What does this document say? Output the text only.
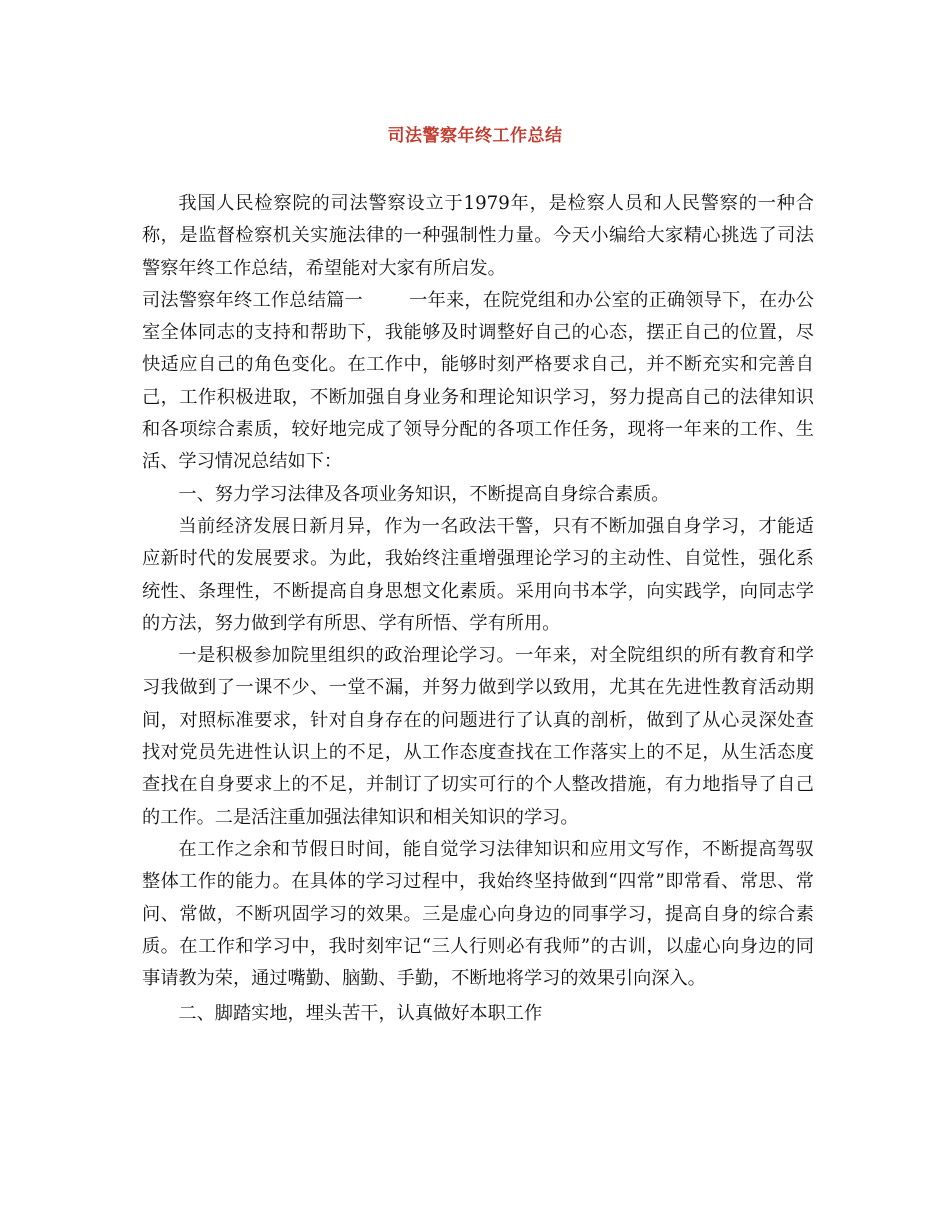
司法警察年终工作总结

我国人民检察院的司法警察设立于1979年，是检察人员和人民警察的一种合称，是监督检察机关实施法律的一种强制性力量。今天小编给大家精心挑选了司法警察年终工作总结，希望能对大家有所启发。

司法警察年终工作总结篇一	一年来，在院党组和办公室的正确领导下，在办公室全体同志的支持和帮助下，我能够及时调整好自己的心态，摆正自己的位置，尽快适应自己的角色变化。在工作中，能够时刻严格要求自己，并不断充实和完善自己，工作积极进取，不断加强自身业务和理论知识学习，努力提高自己的法律知识和各项综合素质，较好地完成了领导分配的各项工作任务，现将一年来的工作、生活、学习情况总结如下：

一、努力学习法律及各项业务知识，不断提高自身综合素质。

当前经济发展日新月异，作为一名政法干警，只有不断加强自身学习，才能适应新时代的发展要求。为此，我始终注重增强理论学习的主动性、自觉性，强化系统性、条理性，不断提高自身思想文化素质。采用向书本学，向实践学，向同志学的方法，努力做到学有所思、学有所悟、学有所用。

一是积极参加院里组织的政治理论学习。一年来，对全院组织的所有教育和学习我做到了一课不少、一堂不漏，并努力做到学以致用，尤其在先进性教育活动期间，对照标准要求，针对自身存在的问题进行了认真的剖析，做到了从心灵深处查找对党员先进性认识上的不足，从工作态度查找在工作落实上的不足，从生活态度查找在自身要求上的不足，并制订了切实可行的个人整改措施，有力地指导了自己的工作。二是活注重加强法律知识和相关知识的学习。

在工作之余和节假日时间，能自觉学习法律知识和应用文写作，不断提高驾驭整体工作的能力。在具体的学习过程中，我始终坚持做到“四常”即常看、常思、常问、常做，不断巩固学习的效果。三是虚心向身边的同事学习，提高自身的综合素质。在工作和学习中，我时刻牢记“三人行则必有我师”的古训，以虚心向身边的同事请教为荣，通过嘴勤、脑勤、手勤，不断地将学习的效果引向深入。

二、脚踏实地，埋头苦干，认真做好本职工作
